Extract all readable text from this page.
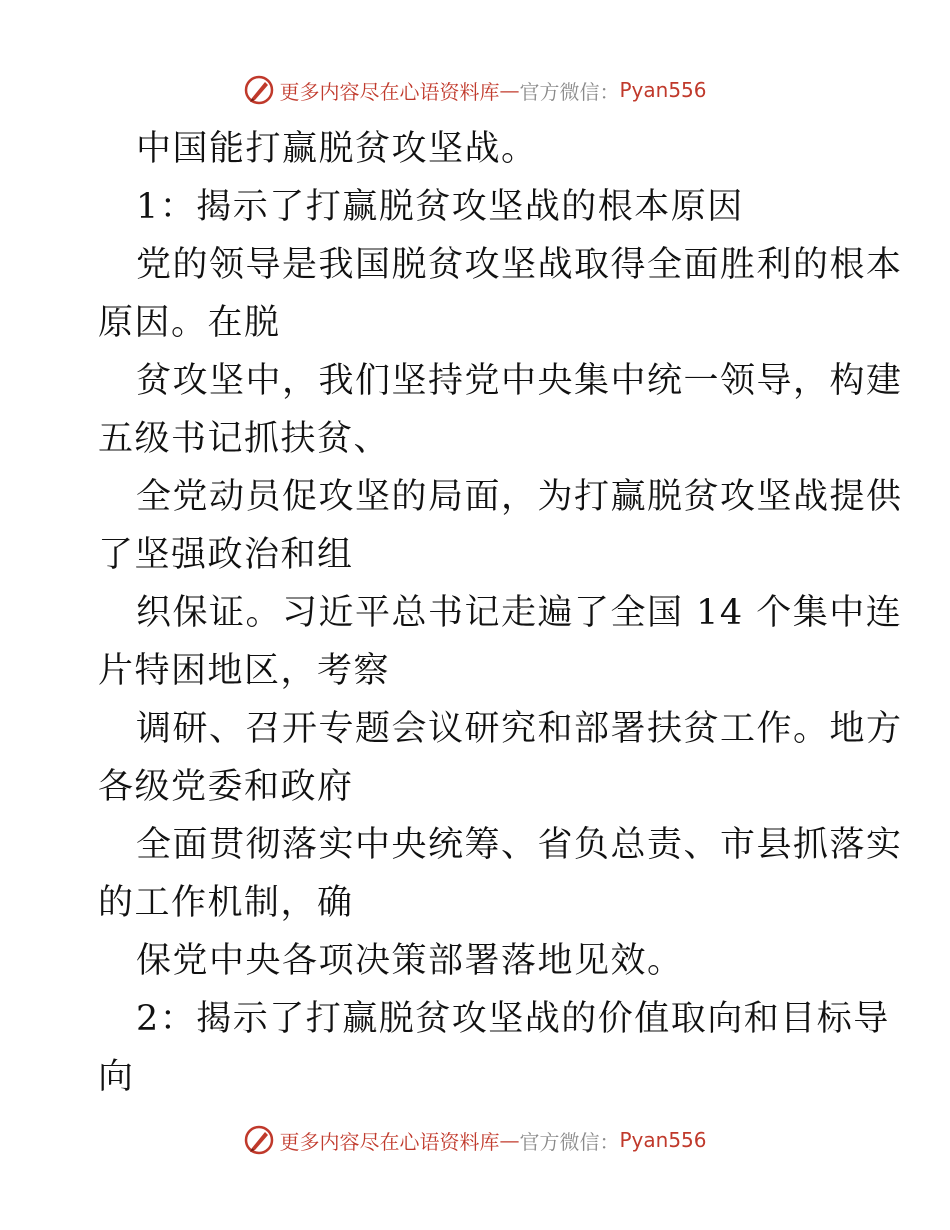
更多内容尽在心语资料库 — 官方微信： Pyan556
中国能打赢脱贫攻坚战。
1：揭示了打赢脱贫攻坚战的根本原因
党的领导是我国脱贫攻坚战取得全面胜利的根本
原因。在脱
贫攻坚中，我们坚持党中央集中统一领导，构建
五级书记抓扶贫、
全党动员促攻坚的局面，为打赢脱贫攻坚战提供
了坚强政治和组
织保证。习近平总书记走遍了全国 14 个集中连
片特困地区，考察
调研、召开专题会议研究和部署扶贫工作。地方
各级党委和政府
全面贯彻落实中央统筹、省负总责、市县抓落实
的工作机制，确
保党中央各项决策部署落地见效。
2：揭示了打赢脱贫攻坚战的价值取向和目标导
向
更多内容尽在心语资料库 — 官方微信： Pyan556
